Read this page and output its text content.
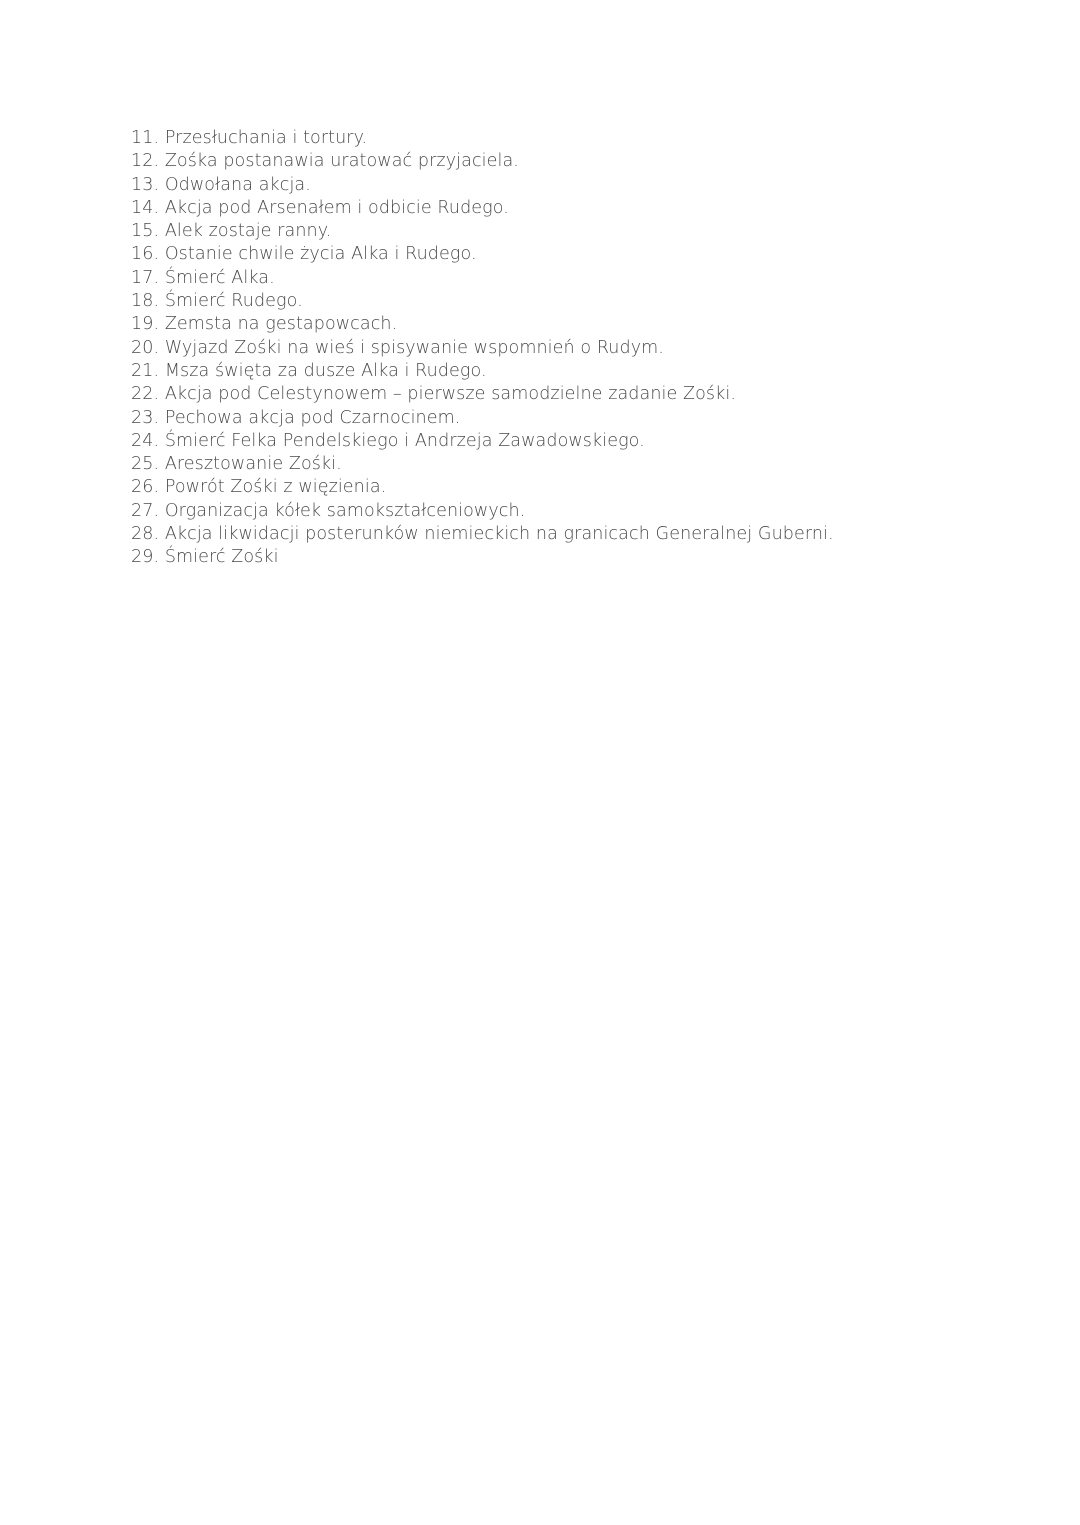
11. Przesłuchania i tortury.
12. Zośka postanawia uratować przyjaciela.
13. Odwołana akcja.
14. Akcja pod Arsenałem i odbicie Rudego.
15. Alek zostaje ranny.
16. Ostanie chwile życia Alka i Rudego.
17. Śmierć Alka.
18. Śmierć Rudego.
19. Zemsta na gestapowcach.
20. Wyjazd Zośki na wieś i spisywanie wspomnień o Rudym.
21. Msza święta za dusze Alka i Rudego.
22. Akcja pod Celestynowem – pierwsze samodzielne zadanie Zośki.
23. Pechowa akcja pod Czarnocinem.
24. Śmierć Felka Pendelskiego i Andrzeja Zawadowskiego.
25. Aresztowanie Zośki.
26. Powrót Zośki z więzienia.
27. Organizacja kółek samokształceniowych.
28. Akcja likwidacji posterunków niemieckich na granicach Generalnej Guberni.
29. Śmierć Zośki
